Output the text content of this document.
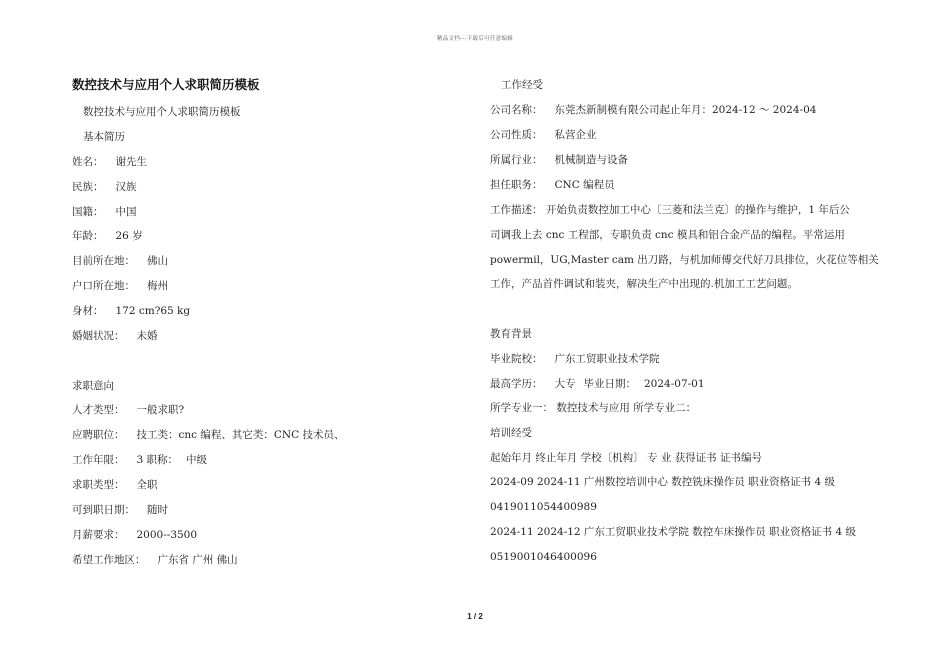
精品文档---下载后可任意编辑
数控技术与应用个人求职简历模板
数控技术与应用个人求职简历模板
基本简历
姓名： 谢先生
民族： 汉族
国籍： 中国
年龄： 26 岁
目前所在地： 佛山
户口所在地： 梅州
身材： 172 cm?65 kg
婚姻状况： 未婚
求职意向
人才类型： 一般求职?
应聘职位： 技工类：cnc 编程、其它类：CNC 技术员、
工作年限： 3 职称： 中级
求职类型： 全职
可到职日期： 随时
月薪要求： 2000--3500
希望工作地区： 广东省 广州 佛山
工作经受
公司名称： 东莞杰新制模有限公司起止年月：2024-12 ～ 2024-04
公司性质： 私营企业
所属行业： 机械制造与设备
担任职务： CNC 编程员
工作描述： 开始负责数控加工中心〔三菱和法兰克〕的操作与维护，1 年后公
司调我上去 cnc 工程部，专职负责 cnc 模具和铝合金产品的编程。平常运用
powermil，UG,Master cam 出刀路，与机加师傅交代好刀具排位，火花位等相关
工作，产品首件调试和装夹，解决生产中出现的.机加工工艺问题。
教育背景
毕业院校： 广东工贸职业技术学院
最高学历： 大专 毕业日期： 2024-07-01
所学专业一： 数控技术与应用 所学专业二：
培训经受
起始年月 终止年月 学校〔机构〕 专 业 获得证书 证书编号
2024-09 2024-11 广州数控培训中心 数控铣床操作员 职业资格证书 4 级
0419011054400989
2024-11 2024-12 广东工贸职业技术学院 数控车床操作员 职业资格证书 4 级
0519001046400096
1 / 2
